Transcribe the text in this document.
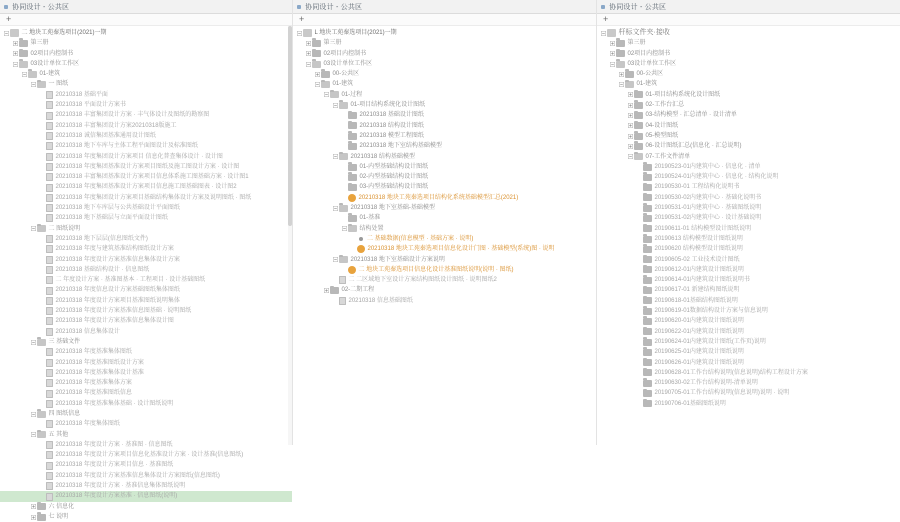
协同设计 - 公共区
+
二 地块工苑秦选项目(2021)一期
第三册
02项目内控制书
03设计单位工作区
01-建筑
一 图纸
20210318 基础平面
20210318 平面设计方案书
20210318 丰富集团设计方案 · 丰气体设计及图纸的勘察图
20210318 丰富集团设计方案20210318版施工
20210318 诚信集团基准通用设计图纸
20210318 地下车库与主体工程平面图设计及标准图纸
20210318 年度集团设计方案项目 信息化普查集体设计 · 设计图
20210318 年度集团基准设计方案项目图纸及施工图设计方案 · 设计图
20210318 丰富集团基准设计方案项目信息体系施工图基础方案 · 设计图1
20210318 年度集团基准设计方案项目信息施工图基础图表 · 设计图2
20210318 年度集团设计方案项目基础结构集体设计方案及说明图纸 · 图纸
20210318 地下车库层与公共基础设计平面图纸
20210318 地下基础层与立面平面设计图纸
二 图纸说明
20210318 地下层层(信息图纸文件)
20210318 年度与建筑基准结构图纸设计方案
20210318 年度设计方案基准信息集体设计方案
20210318 基础结构设计 · 信息图纸
二 年度设计方案 · 基准图基本 · 工程项目 · 设计基础图纸
20210318 年度信息设计方案基础图纸集体图纸
20210318 年度设计方案项目基准图纸说明集体
20210318 年度设计方案基准信息图基础 · 说明图纸
20210318 年度设计方案基准信息集体设计图
20210318 信息集体设计
三 基础文件
20210318 年度基准集体图纸
20210318 年度基准图纸设计方案
20210318 年度基准集体设计基准
20210318 年度基准集体方案
20210318 年度基准图纸信息
20210318 年度基准集体基础 · 设计图纸说明
四 图纸信息
20210318 年度集体图纸
五 其他
20210318 年度设计方案 · 基准图 · 信息图纸
20210318 年度设计方案项目信息化基准设计方案 · 设计基准(信息图纸)
20210318 年度设计方案项目信息 · 基准图纸
20210318 年度设计方案基准信息集体设计方案图纸(信息图纸)
20210318 年度设计方案 · 基准信息集体图纸说明
20210318 年度设计方案基准 · 信息图纸(说明)
六 信息化
七 说明
协同设计 - 公共区
+
L 地块工苑秦选项目(2021)一期
第三册
02项目内控制书
03设计单位工作区
00-公共区
01-建筑
01-过程
01-项目结构系统化设计图纸
20210318 基础设计图纸
20210318 结构设计图纸
20210318 模型工程图纸
20210318 地下室结构基础模型
20210318 结构基础模型
01-内型基础结构设计图纸
02-内型基础结构设计图纸
03-内型基础结构设计图纸
20210318 地块工苑秦选项目结构化系统基础模型汇总(2021)
20210318 地下室基础-基础模型
01-基准
结构处置
二 基础数据(信息模型 · 基础方案 · 说明)
20210318 地块工苑秦选项目信息化设计门图 · 基础模型(系统)图 · 说明
20210318 地下室基础设计方案说明
二 地块工苑秦选项目信息化设计基准图纸说明(说明 · 图纸)
二 二区域地下室设计方案结构图纸设计图纸 · 说明图纸2
02-二期工程
20210318 信息基础图纸
协同设计 - 公共区
+
杆标文件夹·接收
第三册
02项目内控制书
03设计单位工作区
00-公共区
01-建筑
01-项目结构系统化设计图纸
02-工作台汇总
03-结构模型 · 汇总清单 · 设计清单
04-设计图纸
05-模型图纸
06-设计图纸汇总(信息化 · 汇总说明)
07-工作文件清单
20190523-01内建筑中心 · 信息化 · 清单
20190524-01内建筑中心 · 信息化 · 结构化说明
20190530-01 工程结构化说明书
20190530-02内建筑中心 · 基础化说明书
20190531-01内建筑中心 · 基础图纸说明
20190531-02内建筑中心 · 设计基础说明
20190611-01 结构模型设计图纸说明
20190613 结构模型设计图纸说明
20190620 结构模型设计图纸说明
20190605-02 工业技术设计图纸
20190612-01内建筑设计图纸说明
20190614-01内建筑设计图纸说明书
20190617-01 新建结构图纸说明
20190618-01基础结构图纸说明
20190619-01数据结构设计方案与信息说明
20190620-01内建筑设计图纸说明
20190622-01内建筑设计图纸说明
20190624-01内建筑设计图纸(工作页)说明
20190625-01内建筑设计图纸说明
20190626-01内建筑设计图纸说明
20190628-01工作台结构说明(信息说明)结构工程设计方案
20190630-02工作台结构说明-清单说明
20190705-01工作台结构说明(信息说明)说明 · 说明
20190706-01基础图纸说明
